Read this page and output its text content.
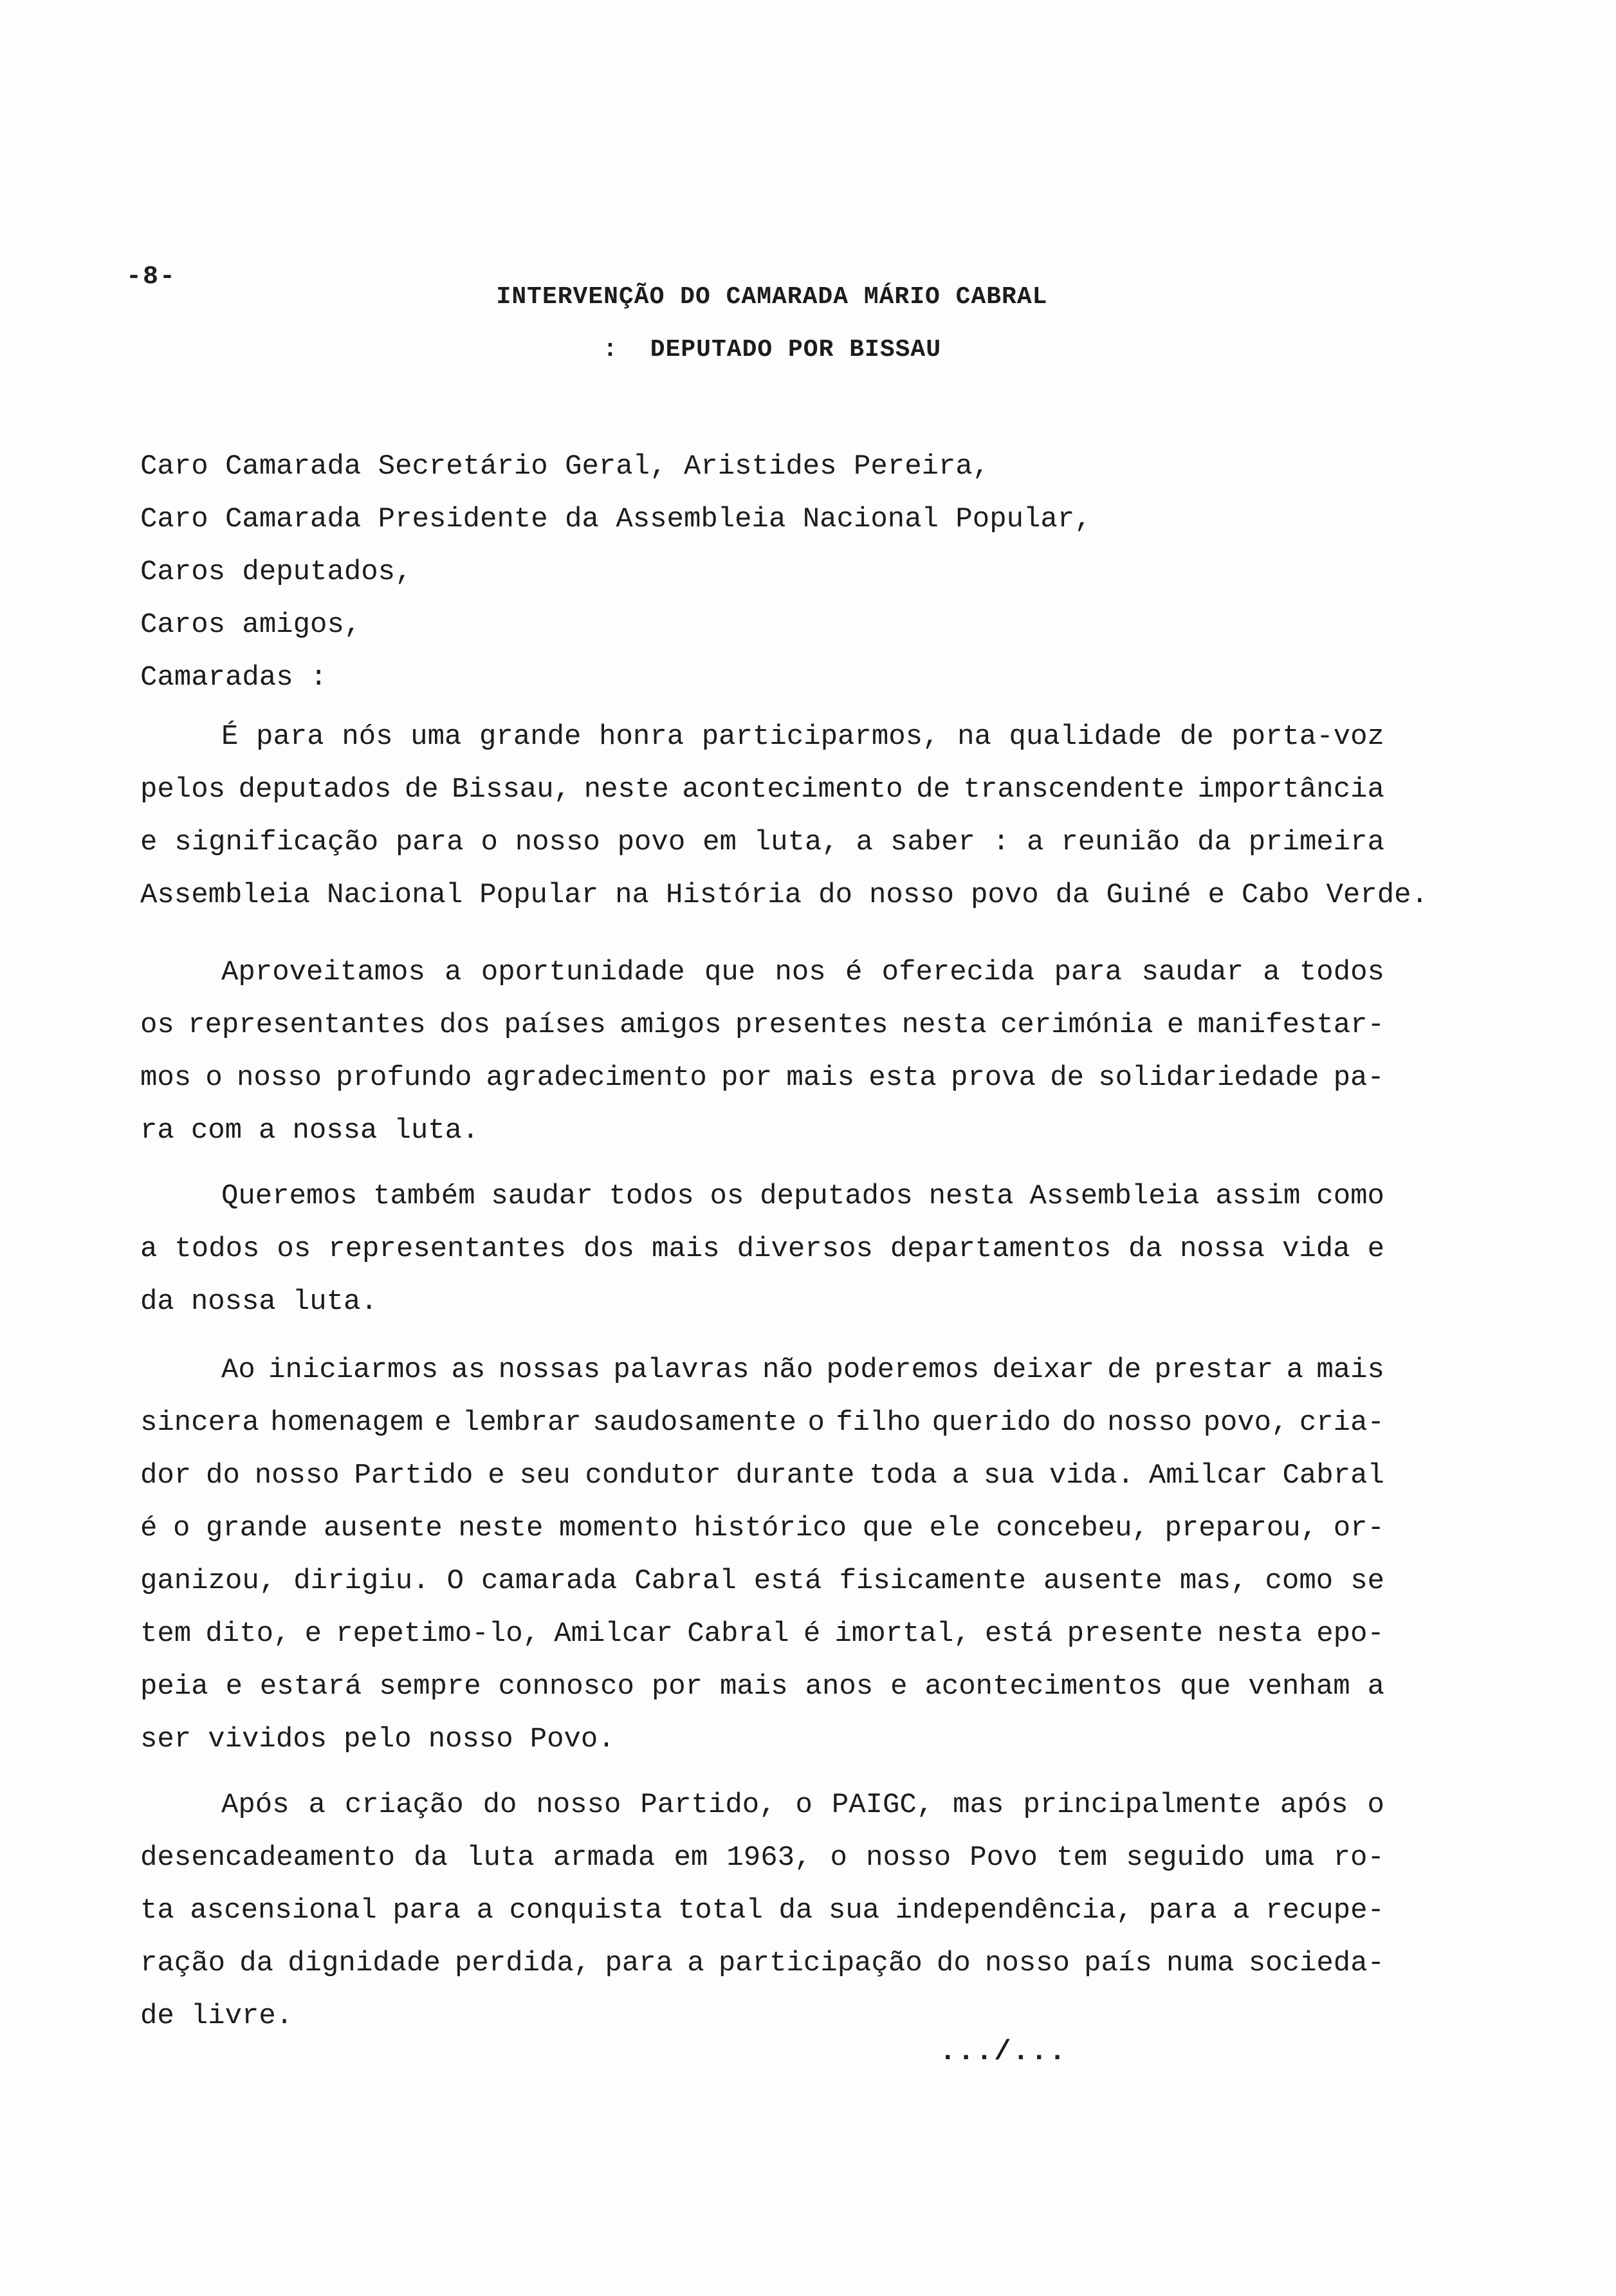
-8-
INTERVENÇÃO DO CAMARADA MÁRIO CABRAL
: DEPUTADO POR BISSAU
Caro Camarada Secretário Geral, Aristides Pereira,
Caro Camarada Presidente da Assembleia Nacional Popular,
Caros deputados,
Caros amigos,
Camaradas :
É para nós uma grande honra participarmos, na qualidade de porta-voz
pelos deputados de Bissau, neste acontecimento de transcendente importância
e significação para o nosso povo em luta, a saber : a reunião da primeira
Assembleia Nacional Popular na História do nosso povo da Guiné e Cabo Verde.
Aproveitamos a oportunidade que nos é oferecida para saudar a todos
os representantes dos países amigos presentes nesta cerimónia e manifestar-
mos o nosso profundo agradecimento por mais esta prova de solidariedade pa-
ra com a nossa luta.
Queremos também saudar todos os deputados nesta Assembleia assim como
a todos os representantes dos mais diversos departamentos da nossa vida e
da nossa luta.
Ao iniciarmos as nossas palavras não poderemos deixar de prestar a mais
sincera homenagem e lembrar saudosamente o filho querido do nosso povo, cria-
dor do nosso Partido e seu condutor durante toda a sua vida. Amilcar Cabral
é o grande ausente neste momento histórico que ele concebeu, preparou, or-
ganizou, dirigiu. O camarada Cabral está fisicamente ausente mas, como se
tem dito, e repetimo-lo, Amilcar Cabral é imortal, está presente nesta epo-
peia e estará sempre connosco por mais anos e acontecimentos que venham a
ser vividos pelo nosso Povo.
Após a criação do nosso Partido, o PAIGC, mas principalmente após o
desencadeamento da luta armada em 1963, o nosso Povo tem seguido uma ro-
ta ascensional para a conquista total da sua independência, para a recupe-
ração da dignidade perdida, para a participação do nosso país numa socieda-
de livre.
.../...
